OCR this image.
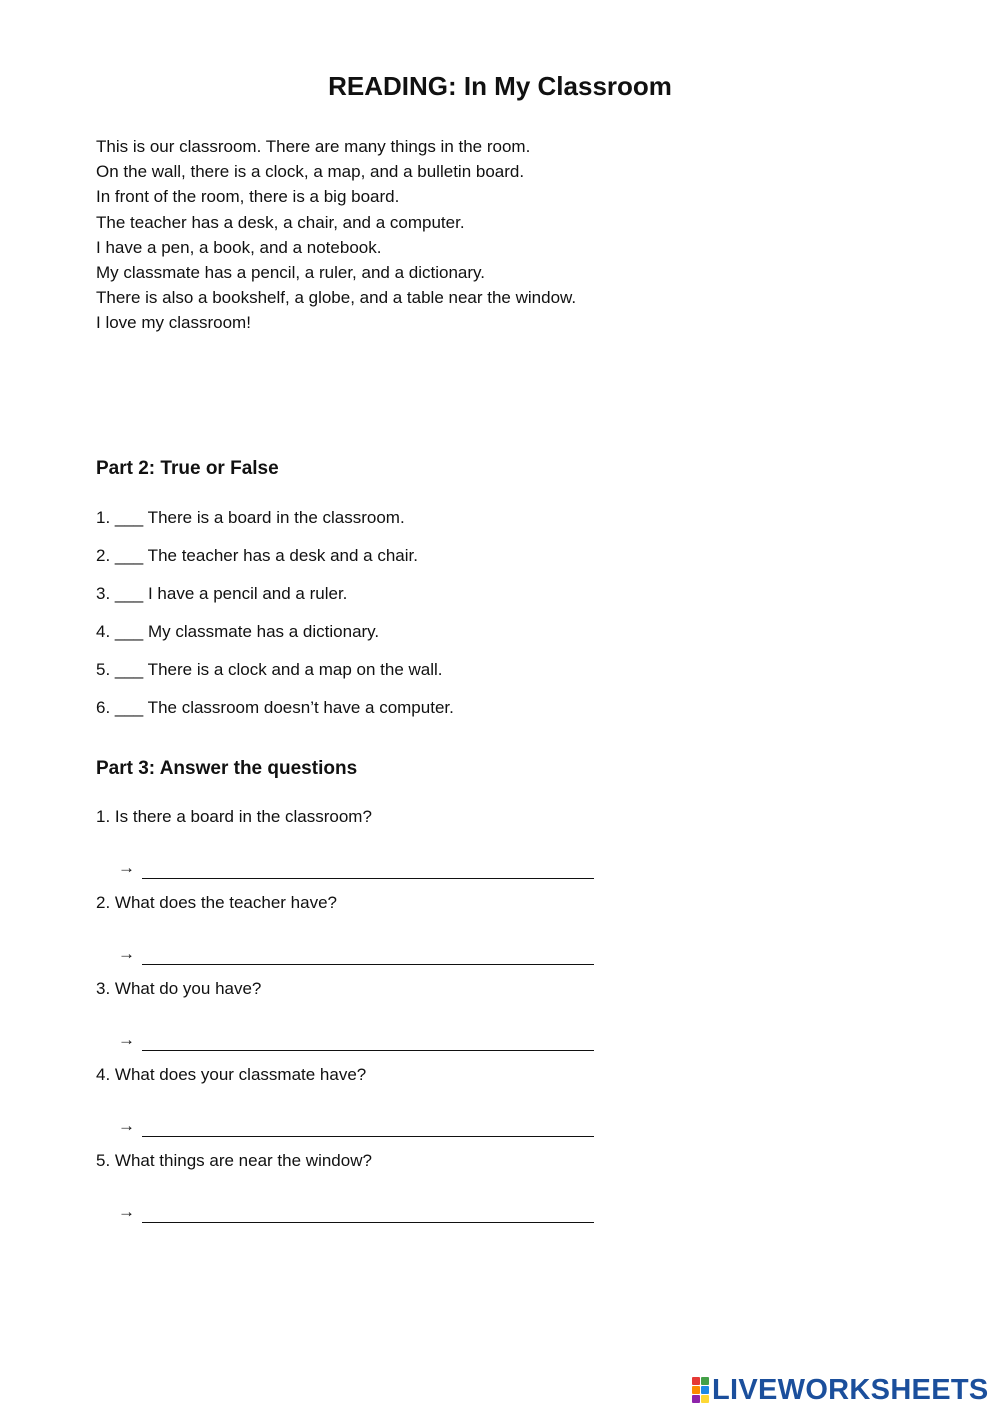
READING: In My Classroom

This is our classroom. There are many things in the room.

On the wall, there is a clock, a map, and a bulletin board.

In front of the room, there is a big board.

The teacher has a desk, a chair, and a computer.

I have a pen, a book, and a notebook.

My classmate has a pencil, a ruler, and a dictionary.

There is also a bookshelf, a globe, and a table near the window.

I love my classroom!

Part 2: True or False
1. ___ There is a board in the classroom.
2. ___ The teacher has a desk and a chair.
3. ___ I have a pencil and a ruler.
4. ___ My classmate has a dictionary.
5. ___ There is a clock and a map on the wall.
6. ___ The classroom doesn’t have a computer.
Part 3: Answer the questions
1. Is there a board in the classroom?
→
2. What does the teacher have?
→
3. What do you have?
→
4. What does your classmate have?
→
5. What things are near the window?
→
LIVEWORKSHEETS
